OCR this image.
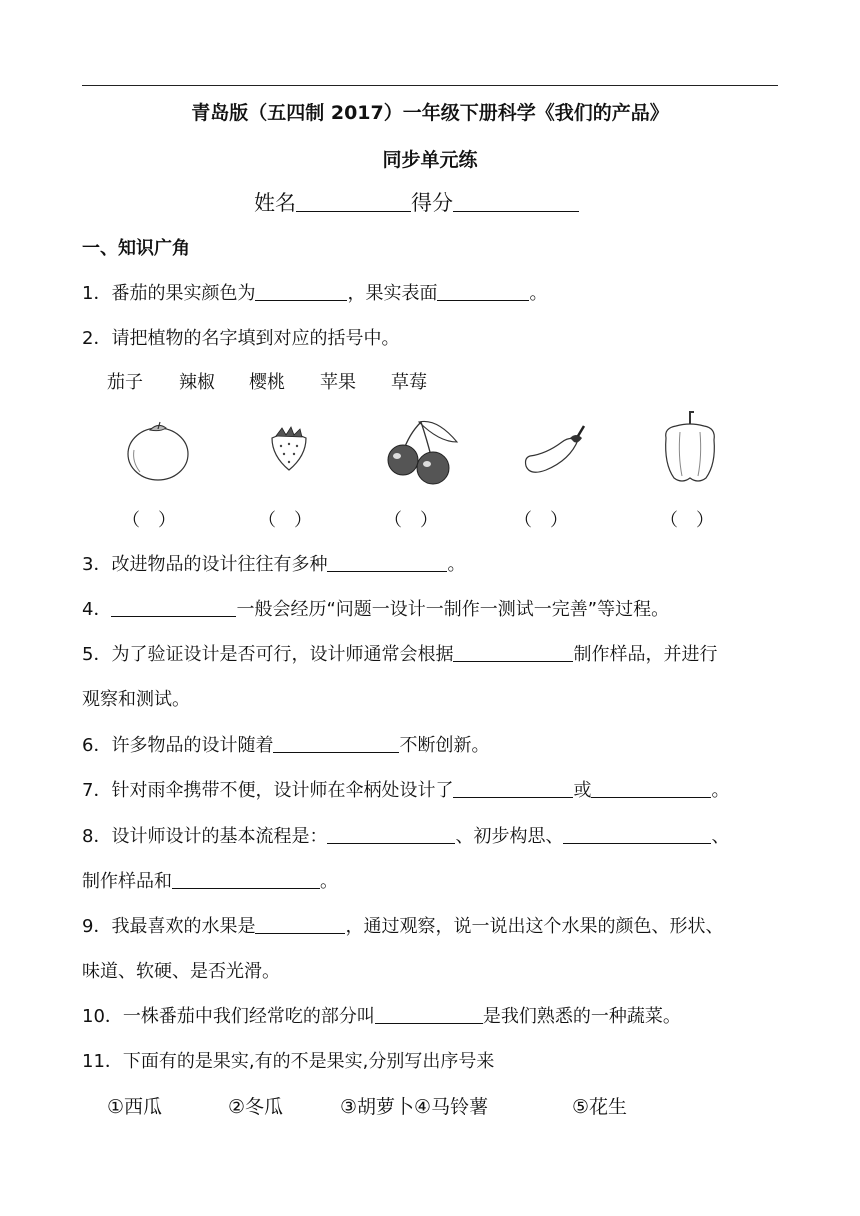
青岛版（五四制 2017）一年级下册科学《我们的产品》
同步单元练
姓名	得分
一、知识广角
1．番茄的果实颜色为	，果实表面	。
2．请把植物的名字填到对应的括号中。
茄子 辣椒 樱桃 苹果 草莓
（　）	（　）	（　）	（　）	（　）
3．改进物品的设计往往有多种	。
4．	一般会经历“问题一设计一制作一测试一完善”等过程。
5．为了验证设计是否可行，设计师通常会根据	制作样品，并进行
观察和测试。
6．许多物品的设计随着	不断创新。
7．针对雨伞携带不便，设计师在伞柄处设计了	或	。
8．设计师设计的基本流程是：	、初步构思、	、
制作样品和	。
9．我最喜欢的水果是	，通过观察，说一说出这个水果的颜色、形状、
味道、软硬、是否光滑。
10．一株番茄中我们经常吃的部分叫	是我们熟悉的一种蔬菜。
11．下面有的是果实,有的不是果实,分别写出序号来
①西瓜	②冬瓜	③胡萝卜④马铃薯	⑤花生
